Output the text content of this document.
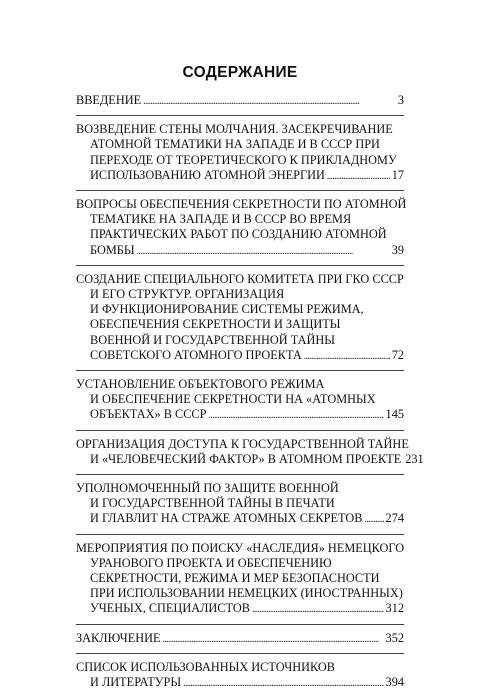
СОДЕРЖАНИЕ
ВВЕДЕНИЕ . . .	3
ВОЗВЕДЕНИЕ СТЕНЫ МОЛЧАНИЯ. ЗАСЕКРЕЧИВАНИЕ
АТОМНОЙ ТЕМАТИКИ НА ЗАПАДЕ И В СССР ПРИ
ПЕРЕХОДЕ ОТ ТЕОРЕТИЧЕСКОГО К ПРИКЛАДНОМУ
ИСПОЛЬЗОВАНИЮ АТОМНОЙ ЭНЕРГИИ . . .	17
ВОПРОСЫ ОБЕСПЕЧЕНИЯ СЕКРЕТНОСТИ ПО АТОМНОЙ
ТЕМАТИКЕ НА ЗАПАДЕ И В СССР ВО ВРЕМЯ
ПРАКТИЧЕСКИХ РАБОТ ПО СОЗДАНИЮ АТОМНОЙ
БОМБЫ . . .	39
СОЗДАНИЕ СПЕЦИАЛЬНОГО КОМИТЕТА ПРИ ГКО СССР
И ЕГО СТРУКТУР. ОРГАНИЗАЦИЯ
И ФУНКЦИОНИРОВАНИЕ СИСТЕМЫ РЕЖИМА,
ОБЕСПЕЧЕНИЯ СЕКРЕТНОСТИ И ЗАЩИТЫ
ВОЕННОЙ И ГОСУДАРСТВЕННОЙ ТАЙНЫ
СОВЕТСКОГО АТОМНОГО ПРОЕКТА . . .	72
УСТАНОВЛЕНИЕ ОБЪЕКТОВОГО РЕЖИМА
И ОБЕСПЕЧЕНИЕ СЕКРЕТНОСТИ НА «АТОМНЫХ
ОБЪЕКТАХ» В СССР . . .	145
ОРГАНИЗАЦИЯ ДОСТУПА К ГОСУДАРСТВЕННОЙ ТАЙНЕ
И «ЧЕЛОВЕЧЕСКИЙ ФАКТОР» В АТОМНОМ ПРОЕКТЕ 231
УПОЛНОМОЧЕННЫЙ ПО ЗАЩИТЕ ВОЕННОЙ
И ГОСУДАРСТВЕННОЙ ТАЙНЫ В ПЕЧАТИ
И ГЛАВЛИТ НА СТРАЖЕ АТОМНЫХ СЕКРЕТОВ . . . 274
МЕРОПРИЯТИЯ ПО ПОИСКУ «НАСЛЕДИЯ» НЕМЕЦКОГО
УРАНОВОГО ПРОЕКТА И ОБЕСПЕЧЕНИЮ
СЕКРЕТНОСТИ, РЕЖИМА И МЕР БЕЗОПАСНОСТИ
ПРИ ИСПОЛЬЗОВАНИИ НЕМЕЦКИХ (ИНОСТРАННЫХ)
УЧЕНЫХ, СПЕЦИАЛИСТОВ . . .	312
ЗАКЛЮЧЕНИЕ . . .	352
СПИСОК ИСПОЛЬЗОВАННЫХ ИСТОЧНИКОВ
И ЛИТЕРАТУРЫ . . .	394
